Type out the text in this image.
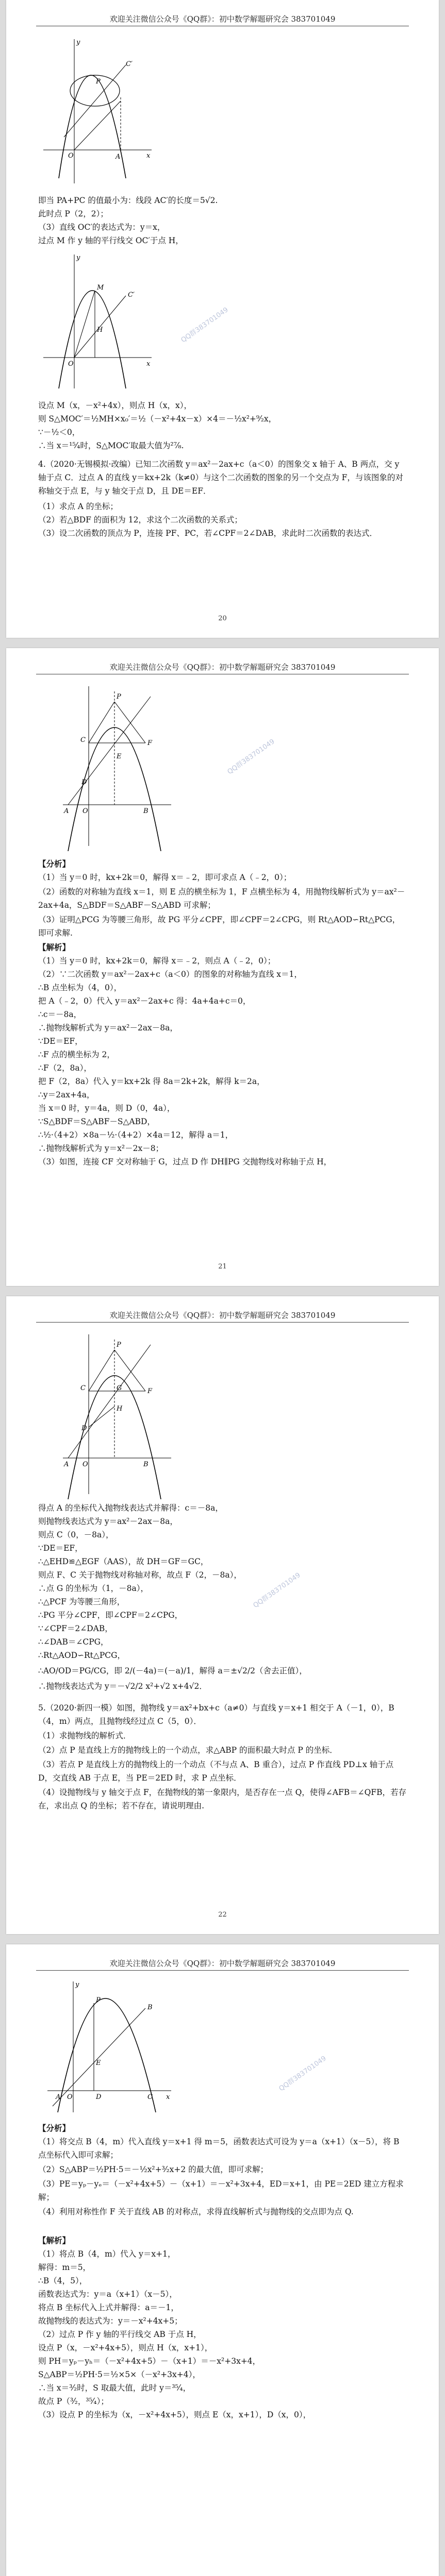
欢迎关注微信公众号《QQ群》：初中数学解题研究会 383701049
O	A
y
x
C′
P
即当 PA+PC 的值最小为：线段 AC′的长度＝5√2.
此时点 P（2，2）；
（3）直线 OC′的表达式为：y＝x，
过点 M 作 y 轴的平行线交 OC′于点 H，
O
y
x
M
H
C′
设点 M（x，－x²+4x），则点 H（x，x），
则 S△MOC′＝½MH×x₀′＝½（－x²+4x－x）×4＝－½x²+⁹⁄₂x，
∵－½＜0，
∴当 x＝¹⁵⁄₄时，S△MOC′取最大值为²⁷⁄₈.
4.（2020·无锡模拟·改编）已知二次函数 y＝ax²－2ax+c（a＜0）的图象交 x 轴于 A、B 两点，交 y 轴于点 C．过点 A 的直线 y＝kx+2k（k≠0）与这个二次函数的图象的另一个交点为 F，与该图象的对称轴交于点 E，与 y 轴交于点 D，且 DE＝EF．
（1）求点 A 的坐标；
（2）若△BDF 的面积为 12，求这个二次函数的关系式；
（3）设二次函数的顶点为 P，连接 PF、PC，若∠CPF＝2∠DAB，求此时二次函数的表达式．
QQ群383701049
20
欢迎关注微信公众号《QQ群》：初中数学解题研究会 383701049
A O	B
P
C	F
E
D
【分析】
（1）当 y＝0 时，kx+2k＝0，解得 x＝﹣2，即可求点 A（﹣2，0）；
（2）函数的对称轴为直线 x＝1，则 E 点的横坐标为 1，F 点横坐标为 4，用抛物线解析式为 y＝ax²－2ax+4a，S△BDF＝S△ABF－S△ABD 可求解；
（3）证明△PCG 为等腰三角形，故 PG 平分∠CPF，即∠CPF＝2∠CPG，则 Rt△AOD∽Rt△PCG，即可求解.
【解析】
（1）当 y＝0 时，kx+2k＝0，解得 x＝﹣2，则点 A（﹣2，0）；
（2）∵二次函数 y＝ax²－2ax+c（a＜0）的图象的对称轴为直线 x＝1，
∴B 点坐标为（4，0），
把 A（﹣2，0）代入 y＝ax²－2ax+c 得：4a+4a+c＝0，
∴c＝－8a，
∴抛物线解析式为 y＝ax²－2ax－8a，
∵DE＝EF，
∴F 点的横坐标为 2，
∴F（2，8a），
把 F（2，8a）代入 y＝kx+2k 得 8a＝2k+2k，解得 k＝2a，
∴y＝2ax+4a，
当 x＝0 时，y＝4a，则 D（0，4a），
∵S△BDF＝S△ABF－S△ABD，
∴½·（4+2）×8a－½·（4+2）×4a＝12，解得 a＝1，
∴抛物线解析式为 y＝x²－2x－8；
（3）如图，连接 CF 交对称轴于 G，过点 D 作 DH∥PG 交抛物线对称轴于点 H，
QQ群383701049
21
欢迎关注微信公众号《QQ群》：初中数学解题研究会 383701049
A O	B
P
C	F
G
H
D
得点 A 的坐标代入抛物线表达式并解得：c＝－8a，
则抛物线表达式为 y＝ax²－2ax－8a，
则点 C（0，－8a），
∵DE＝EF，
∴△EHD≌△EGF（AAS），故 DH＝GF＝GC，
则点 F、C 关于抛物线对称轴对称，故点 F（2，－8a），
∴点 G 的坐标为（1，－8a），
∴△PCF 为等腰三角形，
∴PG 平分∠CPF，即∠CPF＝2∠CPG，
∵∠CPF＝2∠DAB，
∴∠DAB＝∠CPG，
∴Rt△AOD∽Rt△PCG，
∴AO/OD＝PG/CG，即 2/(－4a)＝(－a)/1，解得 a＝±√2/2（舍去正值），
∴抛物线表达式为 y＝－√2/2 x²+√2 x+4√2．
5.（2020·新四一模）如图，抛物线 y＝ax²+bx+c（a≠0）与直线 y＝x+1 相交于 A（－1，0），B（4，m）两点，且抛物线经过点 C（5，0）．
（1）求抛物线的解析式．
（2）点 P 是直线上方的抛物线上的一个动点，求△ABP 的面积最大时点 P 的坐标．
（3）若点 P 是直线上方的抛物线上的一个动点（不与点 A、B 重合），过点 P 作直线 PD⊥x 轴于点 D，交直线 AB 于点 E，当 PE＝2ED 时，求 P 点坐标．
（4）设抛物线与 y 轴交于点 F，在抛物线的第一象限内，是否存在一点 Q，使得∠AFB＝∠QFB，若存在，求出点 Q 的坐标；若不存在，请说明理由.
QQ群383701049
22
欢迎关注微信公众号《QQ群》：初中数学解题研究会 383701049
A O	C
B
P
E
D
y
x
【分析】
（1）将交点 B（4，m）代入直线 y＝x+1 得 m＝5，函数表达式可设为 y＝a（x+1）（x－5），将 B 点坐标代入即可求解；
（2）S△ABP＝½PH·5＝－½x²+³⁄₂x+2 的最大值，即可求解；
（3）PE＝yₚ－yₑ＝（－x²+4x+5）－（x+1）＝－x²+3x+4，ED＝x+1，由 PE＝2ED 建立方程求解；
（4）利用对称性作 F 关于直线 AB 的对称点，求得直线解析式与抛物线的交点即为点 Q.
【解析】
（1）将点 B（4，m）代入 y＝x+1，
解得：m＝5，
∴B（4，5），
函数表达式为：y＝a（x+1）（x－5），
将点 B 坐标代入上式并解得：a＝－1，
故抛物线的表达式为：y＝－x²+4x+5；
（2）过点 P 作 y 轴的平行线交 AB 于点 H，
设点 P（x，－x²+4x+5），则点 H（x，x+1），
则 PH＝yₚ－yₕ＝（－x²+4x+5）－（x+1）＝－x²+3x+4，
S△ABP＝½PH·5＝½×5×（－x²+3x+4），
∴当 x＝³⁄₂时，S 取最大值，此时 y＝³⁵⁄₄，
故点 P（³⁄₂，³⁵⁄₄）；
（3）设点 P 的坐标为（x，－x²+4x+5），则点 E（x，x+1），D（x，0），
QQ群383701049
